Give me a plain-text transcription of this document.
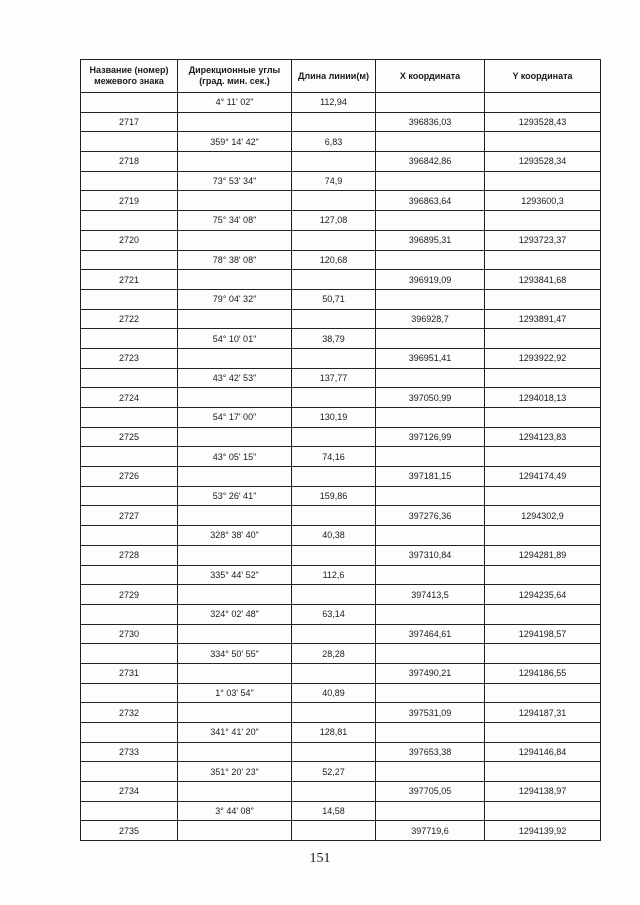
Название (номер) межевого знака	Дирекционные углы (град. мин. сек.)	Длина линии(м)	X координата	Y координата
	4° 11' 02"	112,94		
2717			396836,03	1293528,43
	359° 14' 42"	6,83		
2718			396842,86	1293528,34
	73° 53' 34"	74,9		
2719			396863,64	1293600,3
	75° 34' 08"	127,08		
2720			396895,31	1293723,37
	78° 38' 08"	120,68		
2721			396919,09	1293841,68
	79° 04' 32"	50,71		
2722			396928,7	1293891,47
	54° 10' 01"	38,79		
2723			396951,41	1293922,92
	43° 42' 53"	137,77		
2724			397050,99	1294018,13
	54° 17' 00"	130,19		
2725			397126,99	1294123,83
	43° 05' 15"	74,16		
2726			397181,15	1294174,49
	53° 26' 41"	159,86		
2727			397276,36	1294302,9
	328° 38' 40"	40,38		
2728			397310,84	1294281,89
	335° 44' 52"	112,6		
2729			397413,5	1294235,64
	324° 02' 48"	63,14		
2730			397464,61	1294198,57
	334° 50' 55"	28,28		
2731			397490,21	1294186,55
	1° 03' 54"	40,89		
2732			397531,09	1294187,31
	341° 41' 20"	128,81		
2733			397653,38	1294146,84
	351° 20' 23"	52,27		
2734			397705,05	1294138,97
	3° 44' 08"	14,58		
2735			397719,6	1294139,92
151
